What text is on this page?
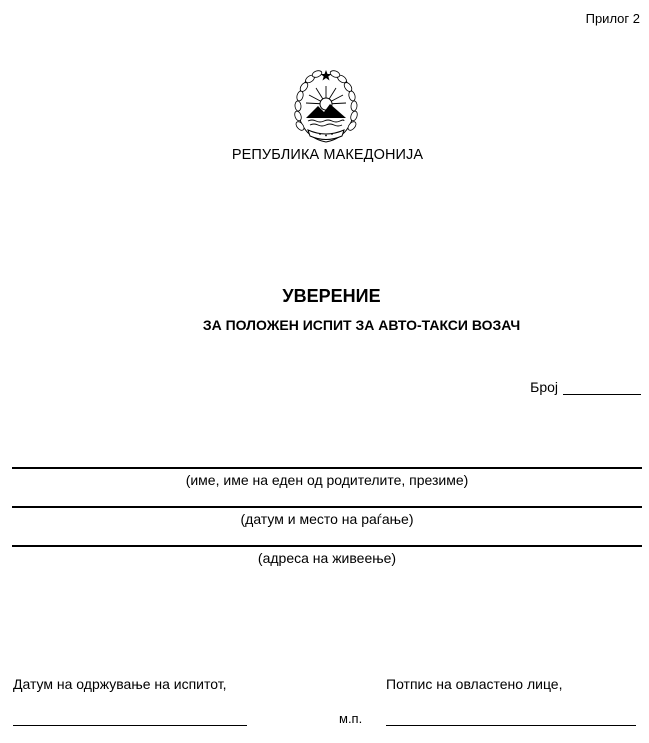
Прилог 2
РЕПУБЛИКА МАКЕДОНИЈА
УВЕРЕНИЕ
ЗА ПОЛОЖЕН ИСПИТ ЗА АВТО-ТАКСИ ВОЗАЧ
Број
(име, име на еден од родителите, презиме)
(датум и место на раѓање)
(адреса на живеење)
Датум на одржување на испитот,	Потпис на овластено лице,
м.п.
